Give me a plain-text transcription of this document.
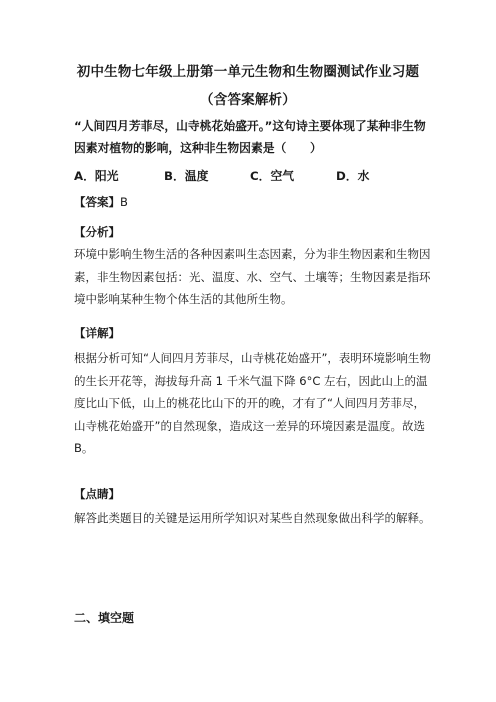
初中生物七年级上册第一单元生物和生物圈测试作业习题
（含答案解析）
“人间四月芳菲尽，山寺桃花始盛开。”这句诗主要体现了某种非生物因素对植物的影响，这种非生物因素是（　　）
A．阳光	B．温度	C．空气	D．水
【答案】B
【分析】
环境中影响生物生活的各种因素叫生态因素，分为非生物因素和生物因素，非生物因素包括：光、温度、水、空气、土壤等；生物因素是指环境中影响某种生物个体生活的其他所生物。
【详解】
根据分析可知“人间四月芳菲尽，山寺桃花始盛开”，表明环境影响生物的生长开花等，海拔每升高 1 千米气温下降 6°C 左右，因此山上的温度比山下低，山上的桃花比山下的开的晚，才有了“人间四月芳菲尽，山寺桃花始盛开”的自然现象，造成这一差异的环境因素是温度。故选 B。
【点睛】
解答此类题目的关键是运用所学知识对某些自然现象做出科学的解释。
二、填空题
